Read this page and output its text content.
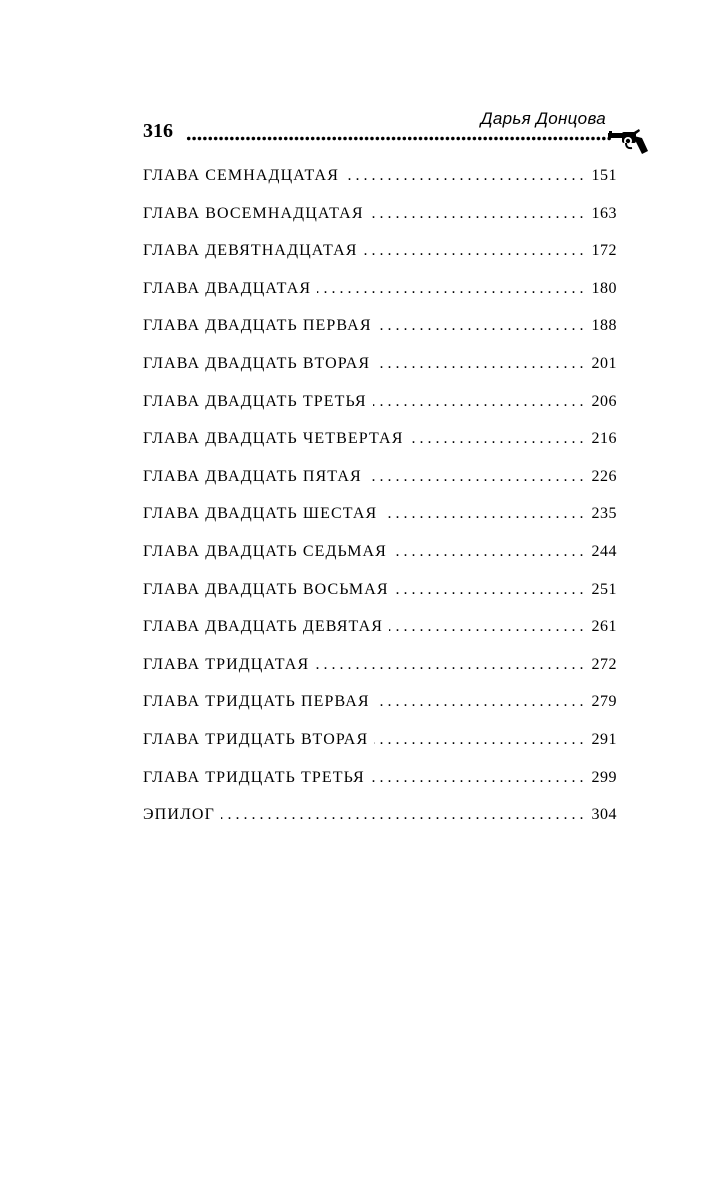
Дарья Донцова
316
ГЛАВА СЕМНАДЦАТАЯ . . .	151
ГЛАВА ВОСЕМНАДЦАТАЯ . . .	163
ГЛАВА ДЕВЯТНАДЦАТАЯ . . .	172
ГЛАВА ДВАДЦАТАЯ . . .	180
ГЛАВА ДВАДЦАТЬ ПЕРВАЯ . . .	188
ГЛАВА ДВАДЦАТЬ ВТОРАЯ . . .	201
ГЛАВА ДВАДЦАТЬ ТРЕТЬЯ . . .	206
ГЛАВА ДВАДЦАТЬ ЧЕТВЕРТАЯ . . .	216
ГЛАВА ДВАДЦАТЬ ПЯТАЯ . . .	226
ГЛАВА ДВАДЦАТЬ ШЕСТАЯ . . .	235
ГЛАВА ДВАДЦАТЬ СЕДЬМАЯ . . .	244
ГЛАВА ДВАДЦАТЬ ВОСЬМАЯ . . .	251
ГЛАВА ДВАДЦАТЬ ДЕВЯТАЯ . . .	261
ГЛАВА ТРИДЦАТАЯ . . .	272
ГЛАВА ТРИДЦАТЬ ПЕРВАЯ . . .	279
ГЛАВА ТРИДЦАТЬ ВТОРАЯ . . .	291
ГЛАВА ТРИДЦАТЬ ТРЕТЬЯ . . .	299
ЭПИЛОГ . . .	304
